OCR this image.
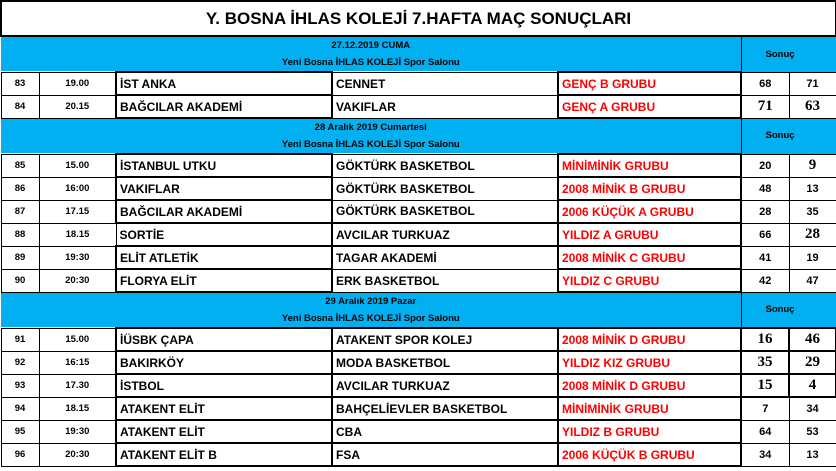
Y. BOSNA İHLAS KOLEJİ 7.HAFTA MAÇ SONUÇLARI						
27.12.2019 CUMA					Sonuç	

Yeni Bosna İHLAS KOLEJİ Spor Salonu						
83	19.00	İST ANKA	CENNET	GENÇ B GRUBU	68	71
84	20.15	BAĞCILAR AKADEMİ	VAKIFLAR	GENÇ A GRUBU	71	63
28 Aralık 2019 Cumartesi					Sonuç	

Yeni Bosna İHLAS KOLEJİ Spor Salonu						
85	15.00	İSTANBUL UTKU	GÖKTÜRK BASKETBOL	MİNİMİNİK GRUBU	20	9
86	16:00	VAKIFLAR	GÖKTÜRK BASKETBOL	2008 MİNİK B GRUBU	48	13
87	17.15	BAĞCILAR AKADEMİ	GÖKTÜRK BASKETBOL	2006 KÜÇÜK A GRUBU	28	35
88	18.15	SORTİE	AVCILAR TURKUAZ	YILDIZ A GRUBU	66	28
89	19:30	ELİT ATLETİK	TAGAR AKADEMİ	2008 MİNİK C GRUBU	41	19
90	20:30	FLORYA ELİT	ERK BASKETBOL	YILDIZ C GRUBU	42	47
29 Aralık 2019 Pazar					Sonuç	

Yeni Bosna İHLAS KOLEJİ Spor Salonu						
91	15.00	İÜSBK ÇAPA	ATAKENT SPOR KOLEJ	2008 MİNİK D GRUBU	16	46
92	16:15	BAKIRKÖY	MODA BASKETBOL	YILDIZ KIZ GRUBU	35	29
93	17.30	İSTBOL	AVCILAR TURKUAZ	2008 MİNİK D GRUBU	15	4
94	18.15	ATAKENT ELİT	BAHÇELİEVLER BASKETBOL	MİNİMİNİK GRUBU	7	34
95	19:30	ATAKENT ELİT	CBA	YILDIZ B GRUBU	64	53
96	20:30	ATAKENT ELİT B	FSA	2006 KÜÇÜK B GRUBU	34	13
